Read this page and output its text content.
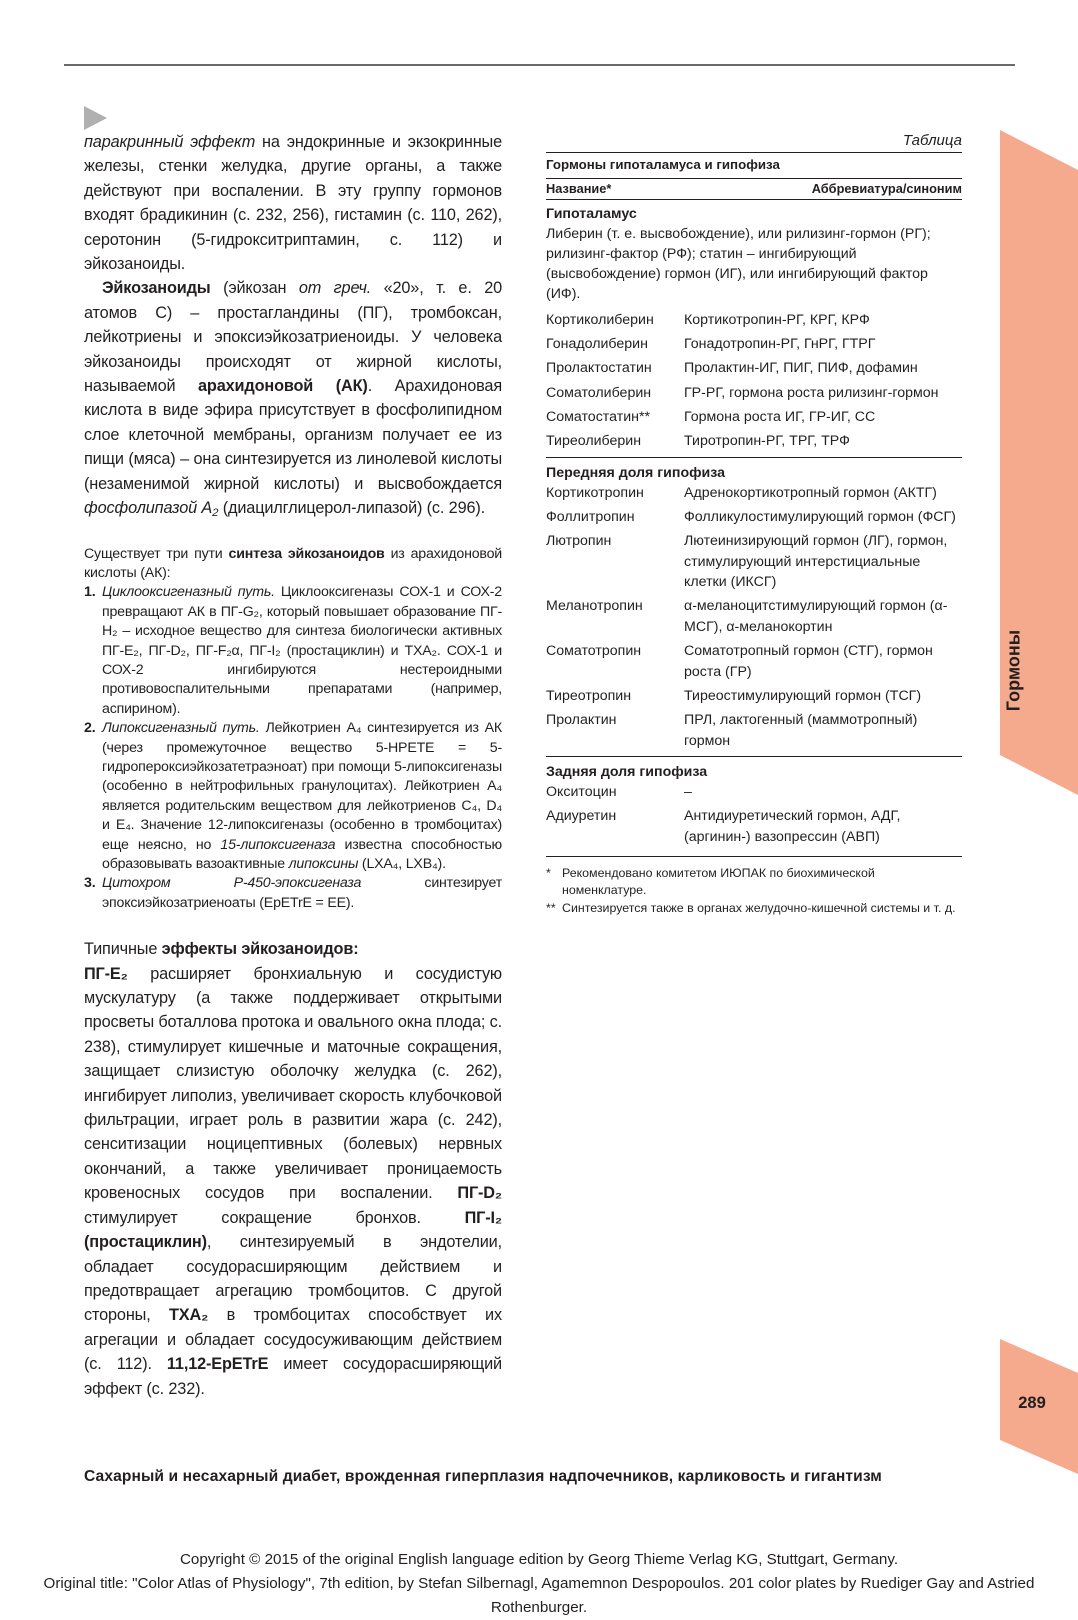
паракринный эффект на эндокринные и экзокринные железы, стенки желудка, другие органы, а также действуют при воспалении. В эту группу гормонов входят брадикинин (с. 232, 256), гистамин (с. 110, 262), серотонин (5-гидрокситриптамин, с. 112) и эйкозаноиды.

Эйкозаноиды (эйкозан от греч. «20», т. е. 20 атомов С) – простагландины (ПГ), тромбоксан, лейкотриены и эпоксиэйкозатриеноиды. У человека эйкозаноиды происходят от жирной кислоты, называемой арахидоновой (АК). Арахидоновая кислота в виде эфира присутствует в фосфолипидном слое клеточной мембраны, организм получает ее из пищи (мяса) – она синтезируется из линолевой кислоты (незаменимой жирной кислоты) и высвобождается фосфолипазой $A_2$ (диацилглицерол-липазой) (с. 296).

Существует три пути синтеза эйкозаноидов из арахидоновой кислоты (АК):

1. Циклооксигеназный путь. Циклооксигеназы СОХ-1 и СОХ-2 превращают АК в ПГ-G₂, который повышает образование ПГ-Н₂ – исходное вещество для синтеза биологически активных ПГ-Е₂, ПГ-D₂, ПГ-F₂α, ПГ-I₂ (простациклин) и ТХА₂. СОХ-1 и СОХ-2 ингибируются нестероидными противовоспалительными препаратами (например, аспирином).
2. Липоксигеназный путь. Лейкотриен A₄ синтезируется из АК (через промежуточное вещество 5-HPETE = 5-гидропероксиэйкозатетраэноат) при помощи 5-липоксигеназы (особенно в нейтрофильных гранулоцитах). Лейкотриен A₄ является родительским веществом для лейкотриенов С₄, D₄ и Е₄. Значение 12-липоксигеназы (особенно в тромбоцитах) еще неясно, но 15-липоксигеназа известна способностью образовывать вазоактивные липоксины (LXA₄, LXB₄).
3. Цитохром Р-450-эпоксигеназа синтезирует эпоксиэйкозатриеноаты (EpETrE = EE).

Типичные эффекты эйкозаноидов:

ПГ-Е₂ расширяет бронхиальную и сосудистую мускулатуру (а также поддерживает открытыми просветы боталлова протока и овального окна плода; с. 238), стимулирует кишечные и маточные сокращения, защищает слизистую оболочку желудка (с. 262), ингибирует липолиз, увеличивает скорость клубочковой фильтрации, играет роль в развитии жара (с. 242), сенситизации ноцицептивных (болевых) нервных окончаний, а также увеличивает проницаемость кровеносных сосудов при воспалении. ПГ-D₂ стимулирует сокращение бронхов. ПГ-I₂ (простациклин), синтезируемый в эндотелии, обладает сосудорасширяющим действием и предотвращает агрегацию тромбоцитов. С другой стороны, ТХА₂ в тромбоцитах способствует их агрегации и обладает сосудосуживающим действием (с. 112). 11,12-EpETrE имеет сосудорасширяющий эффект (с. 232).

Таблица
Гормоны гипоталамуса и гипофиза
Название*	Аббревиатура/синоним
Гипоталамус
Либерин (т. е. высвобождение), или рилизинг-гормон (РГ); рилизинг-фактор (РФ); статин – ингибирующий (высвобождение) гормон (ИГ), или ингибирующий фактор (ИФ).
Кортиколиберин	Кортикотропин-РГ, КРГ, КРФ
Гонадолиберин	Гонадотропин-РГ, ГнРГ, ГТРГ
Пролактостатин	Пролактин-ИГ, ПИГ, ПИФ, дофамин
Соматолиберин	ГР-РГ, гормона роста рилизинг-гормон
Соматостатин**	Гормона роста ИГ, ГР-ИГ, СС
Тиреолиберин	Тиротропин-РГ, ТРГ, ТРФ
Передняя доля гипофиза
Кортикотропин	Адренокортикотропный гормон (АКТГ)
Фоллитропин	Фолликулостимулирующий гормон (ФСГ)
Лютропин	Лютеинизирующий гормон (ЛГ), гормон, стимулирующий интерстициальные клетки (ИКСГ)
Меланотропин	α-меланоцитстимулирующий гормон (α-МСГ), α-меланокортин
Соматотропин	Соматотропный гормон (СТГ), гормон роста (ГР)
Тиреотропин	Тиреостимулирующий гормон (ТСГ)
Пролактин	ПРЛ, лактогенный (маммотропный) гормон
Задняя доля гипофиза
Окситоцин	–
Адиуретин	Антидиуретический гормон, АДГ, (аргинин-) вазопрессин (АВП)
* Рекомендовано комитетом ИЮПАК по биохимической номенклатуре.
** Синтезируется также в органах желудочно-кишечной системы и т. д.
Гормоны
289
Сахарный и несахарный диабет, врожденная гиперплазия надпочечников, карликовость и гигантизм
Copyright © 2015 of the original English language edition by Georg Thieme Verlag KG, Stuttgart, Germany.
Original title: "Color Atlas of Physiology", 7th edition, by Stefan Silbernagl, Agamemnon Despopoulos. 201 color plates by Ruediger Gay and Astried Rothenburger.
